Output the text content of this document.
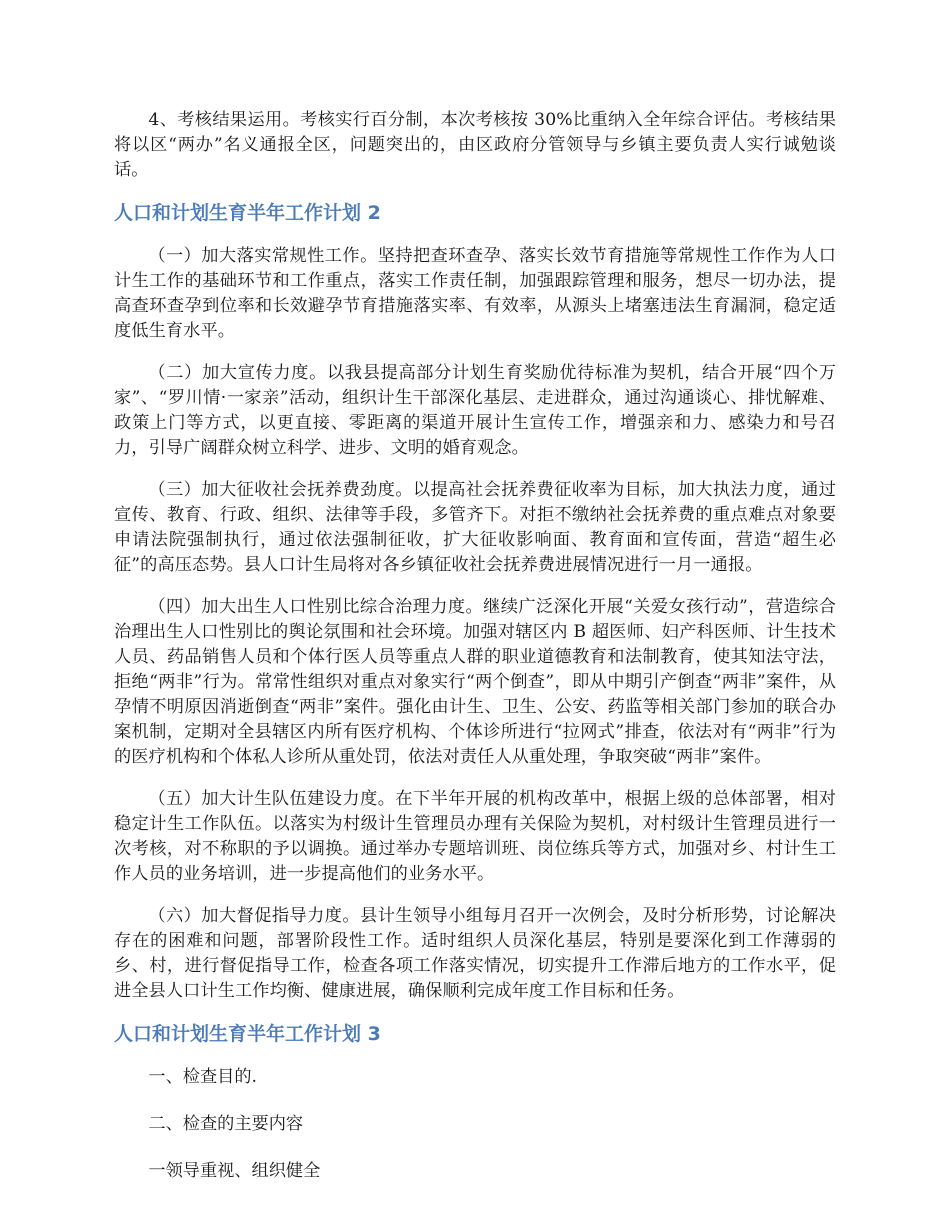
4、考核结果运用。考核实行百分制，本次考核按 30%比重纳入全年综合评估。考核结果将以区“两办”名义通报全区，问题突出的，由区政府分管领导与乡镇主要负责人实行诚勉谈话。

人口和计划生育半年工作计划 2

（一）加大落实常规性工作。坚持把查环查孕、落实长效节育措施等常规性工作作为人口计生工作的基础环节和工作重点，落实工作责任制，加强跟踪管理和服务，想尽一切办法，提高查环查孕到位率和长效避孕节育措施落实率、有效率，从源头上堵塞违法生育漏洞，稳定适度低生育水平。

（二）加大宣传力度。以我县提高部分计划生育奖励优待标准为契机，结合开展“四个万家”、“罗川情·一家亲”活动，组织计生干部深化基层、走进群众，通过沟通谈心、排忧解难、政策上门等方式，以更直接、零距离的渠道开展计生宣传工作，增强亲和力、感染力和号召力，引导广阔群众树立科学、进步、文明的婚育观念。

（三）加大征收社会抚养费劲度。以提高社会抚养费征收率为目标，加大执法力度，通过宣传、教育、行政、组织、法律等手段，多管齐下。对拒不缴纳社会抚养费的重点难点对象要申请法院强制执行，通过依法强制征收，扩大征收影响面、教育面和宣传面，营造“超生必征”的高压态势。县人口计生局将对各乡镇征收社会抚养费进展情况进行一月一通报。

（四）加大出生人口性别比综合治理力度。继续广泛深化开展“关爱女孩行动”，营造综合治理出生人口性别比的舆论氛围和社会环境。加强对辖区内 B 超医师、妇产科医师、计生技术人员、药品销售人员和个体行医人员等重点人群的职业道德教育和法制教育，使其知法守法，拒绝“两非”行为。常常性组织对重点对象实行“两个倒查”，即从中期引产倒查“两非”案件，从孕情不明原因消逝倒查“两非”案件。强化由计生、卫生、公安、药监等相关部门参加的联合办案机制，定期对全县辖区内所有医疗机构、个体诊所进行“拉网式”排查，依法对有“两非”行为的医疗机构和个体私人诊所从重处罚，依法对责任人从重处理，争取突破“两非”案件。

（五）加大计生队伍建设力度。在下半年开展的机构改革中，根据上级的总体部署，相对稳定计生工作队伍。以落实为村级计生管理员办理有关保险为契机，对村级计生管理员进行一次考核，对不称职的予以调换。通过举办专题培训班、岗位练兵等方式，加强对乡、村计生工作人员的业务培训，进一步提高他们的业务水平。

（六）加大督促指导力度。县计生领导小组每月召开一次例会，及时分析形势，讨论解决存在的困难和问题，部署阶段性工作。适时组织人员深化基层，特别是要深化到工作薄弱的乡、村，进行督促指导工作，检查各项工作落实情况，切实提升工作滞后地方的工作水平，促进全县人口计生工作均衡、健康进展，确保顺利完成年度工作目标和任务。

人口和计划生育半年工作计划 3

一、检查目的.

二、检查的主要内容

一领导重视、组织健全
